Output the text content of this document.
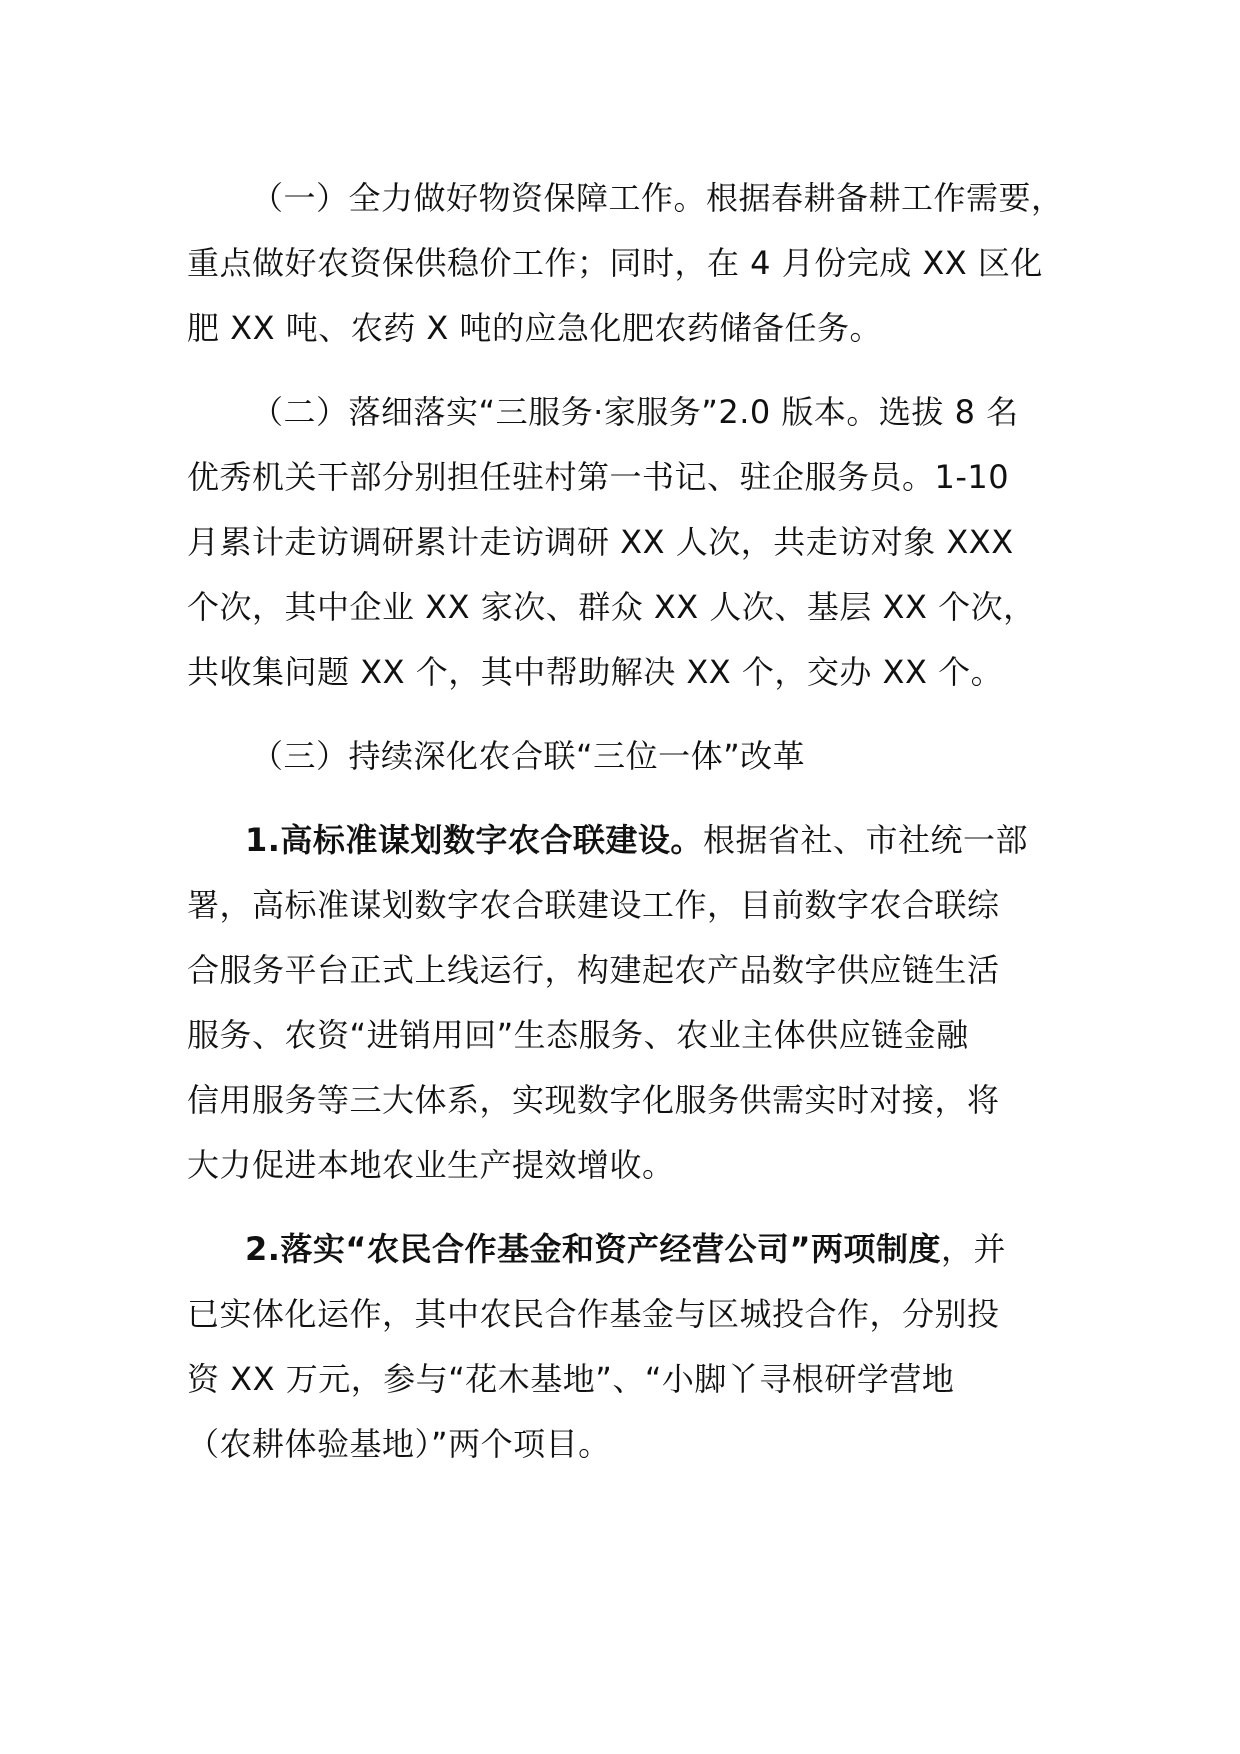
（一）全力做好物资保障工作。根据春耕备耕工作需要，
重点做好农资保供稳价工作；同时，在 4 月份完成 XX 区化
肥 XX 吨、农药 X 吨的应急化肥农药储备任务。

（二）落细落实“三服务·家服务”2.0 版本。选拔 8 名
优秀机关干部分别担任驻村第一书记、驻企服务员。1-10
月累计走访调研累计走访调研 XX 人次，共走访对象 XXX
个次，其中企业 XX 家次、群众 XX 人次、基层 XX 个次，
共收集问题 XX 个，其中帮助解决 XX 个，交办 XX 个。

（三）持续深化农合联“三位一体”改革

1.高标准谋划数字农合联建设。根据省社、市社统一部
署，高标准谋划数字农合联建设工作，目前数字农合联综
合服务平台正式上线运行，构建起农产品数字供应链生活
服务、农资“进销用回”生态服务、农业主体供应链金融
信用服务等三大体系，实现数字化服务供需实时对接，将
大力促进本地农业生产提效增收。

2.落实“农民合作基金和资产经营公司”两项制度，并
已实体化运作，其中农民合作基金与区城投合作，分别投
资 XX 万元，参与“花木基地”、“小脚丫寻根研学营地
（农耕体验基地）”两个项目。
